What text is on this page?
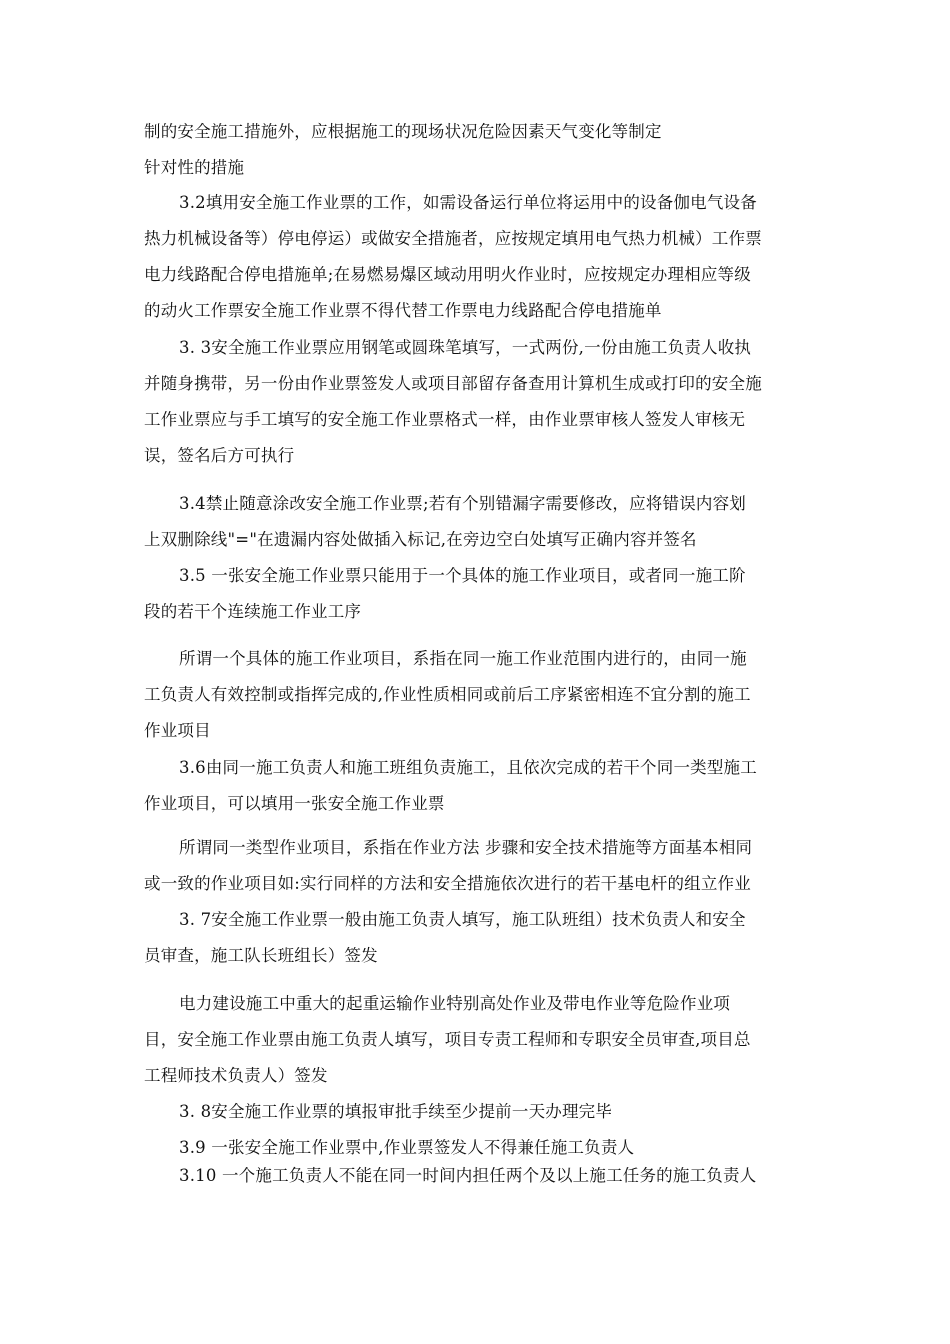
制的安全施工措施外，应根据施工的现场状况危险因素天气变化等制定
针对性的措施
3.2填用安全施工作业票的工作，如需设备运行单位将运用中的设备伽电气设备
热力机械设备等）停电停运）或做安全措施者，应按规定填用电气热力机械）工作票
电力线路配合停电措施单;在易燃易爆区域动用明火作业时，应按规定办理相应等级
的动火工作票安全施工作业票不得代替工作票电力线路配合停电措施单
3. 3安全施工作业票应用钢笔或圆珠笔填写，一式两份,一份由施工负责人收执
并随身携带，另一份由作业票签发人或项目部留存备查用计算机生成或打印的安全施
工作业票应与手工填写的安全施工作业票格式一样，由作业票审核人签发人审核无
误，签名后方可执行
3.4禁止随意涂改安全施工作业票;若有个别错漏字需要修改，应将错误内容划
上双删除线"="在遗漏内容处做插入标记,在旁边空白处填写正确内容并签名
3.5 一张安全施工作业票只能用于一个具体的施工作业项目，或者同一施工阶
段的若干个连续施工作业工序
所谓一个具体的施工作业项目，系指在同一施工作业范围内进行的，由同一施
工负责人有效控制或指挥完成的,作业性质相同或前后工序紧密相连不宜分割的施工
作业项目
3.6由同一施工负责人和施工班组负责施工，且依次完成的若干个同一类型施工
作业项目，可以填用一张安全施工作业票
所谓同一类型作业项目，系指在作业方法 步骤和安全技术措施等方面基本相同
或一致的作业项目如:实行同样的方法和安全措施依次进行的若干基电杆的组立作业
3. 7安全施工作业票一般由施工负责人填写，施工队班组）技术负责人和安全
员审查，施工队长班组长）签发
电力建设施工中重大的起重运输作业特别高处作业及带电作业等危险作业项
目，安全施工作业票由施工负责人填写，项目专责工程师和专职安全员审查,项目总
工程师技术负责人）签发
3. 8安全施工作业票的填报审批手续至少提前一天办理完毕
3.9 一张安全施工作业票中,作业票签发人不得兼任施工负责人
3.10 一个施工负责人不能在同一时间内担任两个及以上施工任务的施工负责人
